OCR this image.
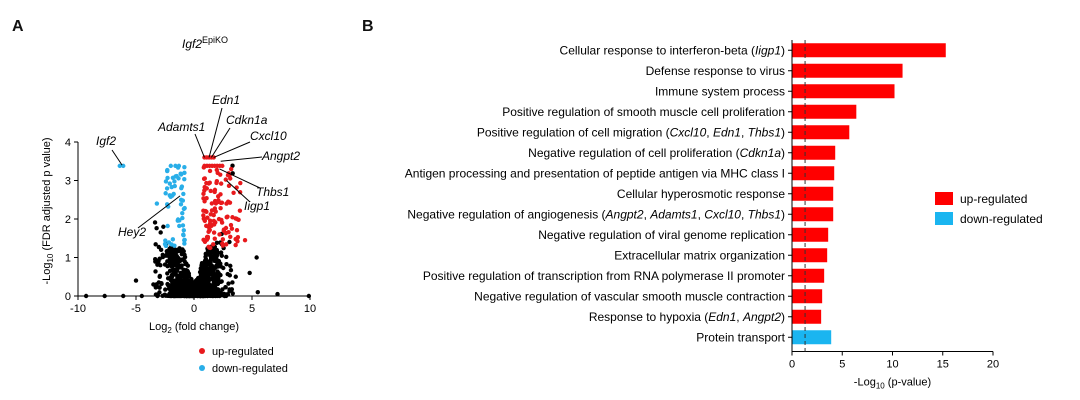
A	B
$Igf2^{EpiKO}$
-10	-5	0	5	10
0
1
2
3
4
Log$_2$ (fold change)
-Log$_{10}$ (FDR adjusted p value)	Igf2
Edn1
Adamts1 Cdkn1a
Cxcl10
Angpt2
Thbs1
Iigp1
Hey2
up-regulated
down-regulated
Cellular response to interferon-beta (Iigp1)
Defense response to virus
Immune system process
Positive regulation of smooth muscle cell proliferation
Positive regulation of cell migration (Cxcl10, Edn1, Thbs1)
Negative regulation of cell proliferation (Cdkn1a)
Antigen processing and presentation of peptide antigen via MHC class I
Cellular hyperosmotic response
Negative regulation of angiogenesis (Angpt2, Adamts1, Cxcl10, Thbs1)
Negative regulation of viral genome replication
Extracellular matrix organization
Positive regulation of transcription from RNA polymerase II promoter
Negative regulation of vascular smooth muscle contraction
Response to hypoxia (Edn1, Angpt2)
Protein transport
0	5	10	15	20
-Log$_{10}$ (p-value)
up-regulated
down-regulated
